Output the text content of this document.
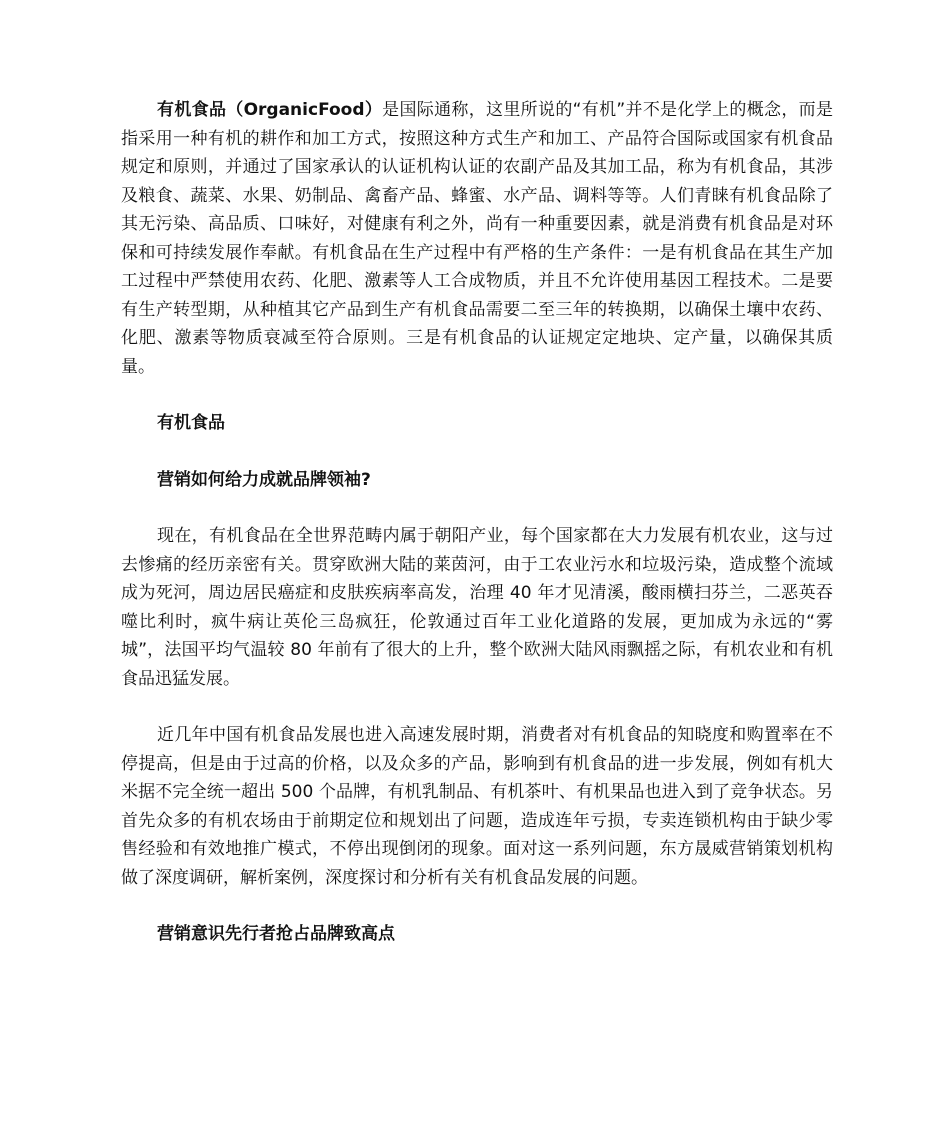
有机食品（OrganicFood）是国际通称，这里所说的“有机”并不是化学上的概念，而是指采用一种有机的耕作和加工方式，按照这种方式生产和加工、产品符合国际或国家有机食品规定和原则，并通过了国家承认的认证机构认证的农副产品及其加工品，称为有机食品，其涉及粮食、蔬菜、水果、奶制品、禽畜产品、蜂蜜、水产品、调料等等。人们青睐有机食品除了其无污染、高品质、口味好，对健康有利之外，尚有一种重要因素，就是消费有机食品是对环保和可持续发展作奉献。有机食品在生产过程中有严格的生产条件：一是有机食品在其生产加工过程中严禁使用农药、化肥、激素等人工合成物质，并且不允许使用基因工程技术。二是要有生产转型期，从种植其它产品到生产有机食品需要二至三年的转换期，以确保土壤中农药、化肥、激素等物质衰减至符合原则。三是有机食品的认证规定定地块、定产量，以确保其质量。

有机食品

营销如何给力成就品牌领袖?

现在，有机食品在全世界范畴内属于朝阳产业，每个国家都在大力发展有机农业，这与过去惨痛的经历亲密有关。贯穿欧洲大陆的莱茵河，由于工农业污水和垃圾污染，造成整个流域成为死河，周边居民癌症和皮肤疾病率高发，治理 40 年才见清溪，酸雨横扫芬兰，二恶英吞噬比利时，疯牛病让英伦三岛疯狂，伦敦通过百年工业化道路的发展，更加成为永远的“雾城”，法国平均气温较 80 年前有了很大的上升，整个欧洲大陆风雨飘摇之际，有机农业和有机食品迅猛发展。

近几年中国有机食品发展也进入高速发展时期，消费者对有机食品的知晓度和购置率在不停提高，但是由于过高的价格，以及众多的产品，影响到有机食品的进一步发展，例如有机大米据不完全统一超出 500 个品牌，有机乳制品、有机茶叶、有机果品也进入到了竞争状态。另首先众多的有机农场由于前期定位和规划出了问题，造成连年亏损，专卖连锁机构由于缺少零售经验和有效地推广模式，不停出现倒闭的现象。面对这一系列问题，东方晟威营销策划机构做了深度调研，解析案例，深度探讨和分析有关有机食品发展的问题。

营销意识先行者抢占品牌致高点
